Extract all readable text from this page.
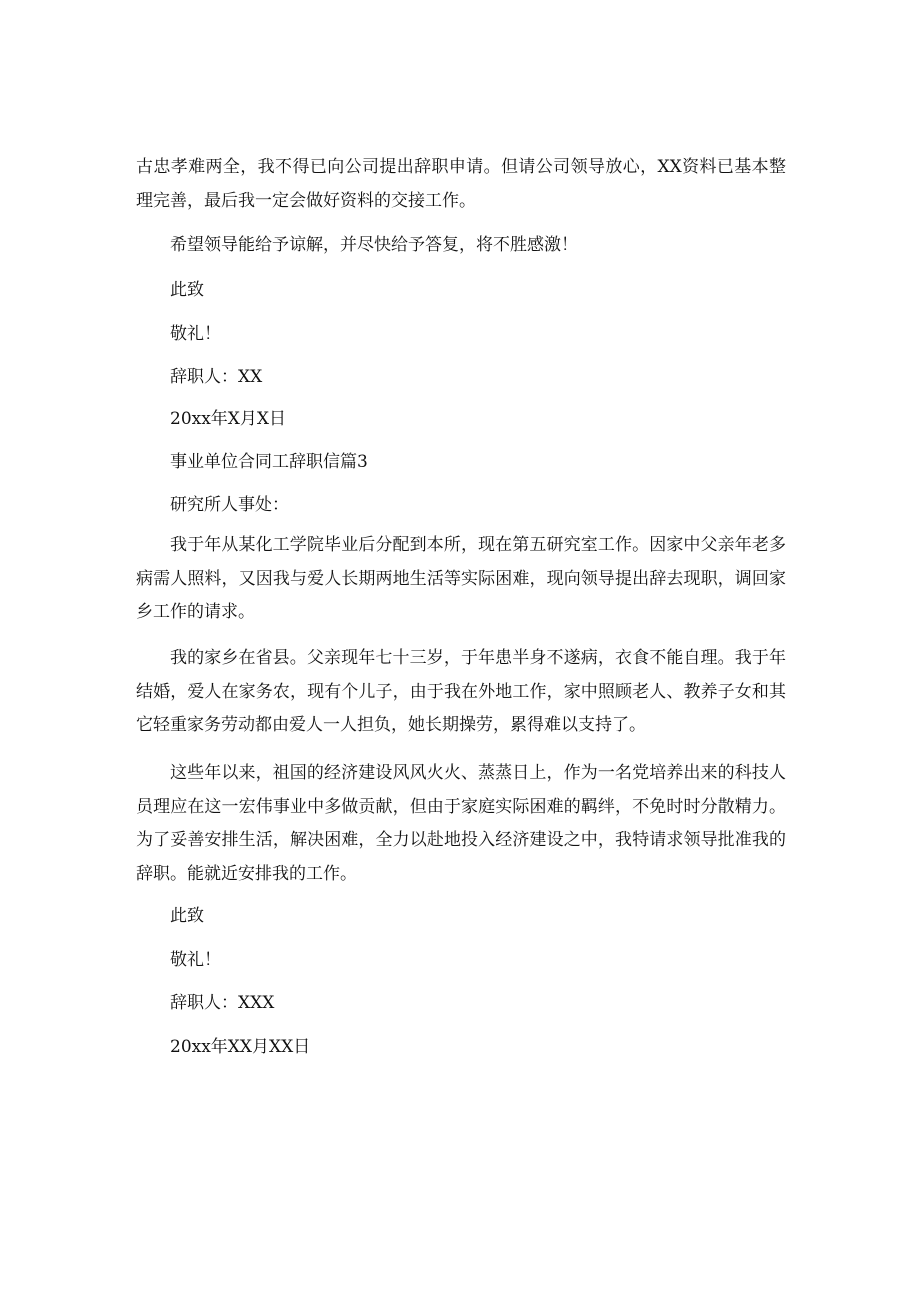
古忠孝难两全，我不得已向公司提出辞职申请。但请公司领导放心，XX资料已基本整理完善，最后我一定会做好资料的交接工作。

希望领导能给予谅解，并尽快给予答复，将不胜感激！

此致

敬礼！

辞职人：XX

20xx年X月X日

事业单位合同工辞职信篇3

研究所人事处：

我于年从某化工学院毕业后分配到本所，现在第五研究室工作。因家中父亲年老多病需人照料，又因我与爱人长期两地生活等实际困难，现向领导提出辞去现职，调回家乡工作的请求。

我的家乡在省县。父亲现年七十三岁，于年患半身不遂病，衣食不能自理。我于年结婚，爱人在家务农，现有个儿子，由于我在外地工作，家中照顾老人、教养子女和其它轻重家务劳动都由爱人一人担负，她长期操劳，累得难以支持了。

这些年以来，祖国的经济建设风风火火、蒸蒸日上，作为一名党培养出来的科技人员理应在这一宏伟事业中多做贡献，但由于家庭实际困难的羁绊，不免时时分散精力。为了妥善安排生活，解决困难，全力以赴地投入经济建设之中，我特请求领导批准我的辞职。能就近安排我的工作。

此致

敬礼！

辞职人：XXX

20xx年XX月XX日
